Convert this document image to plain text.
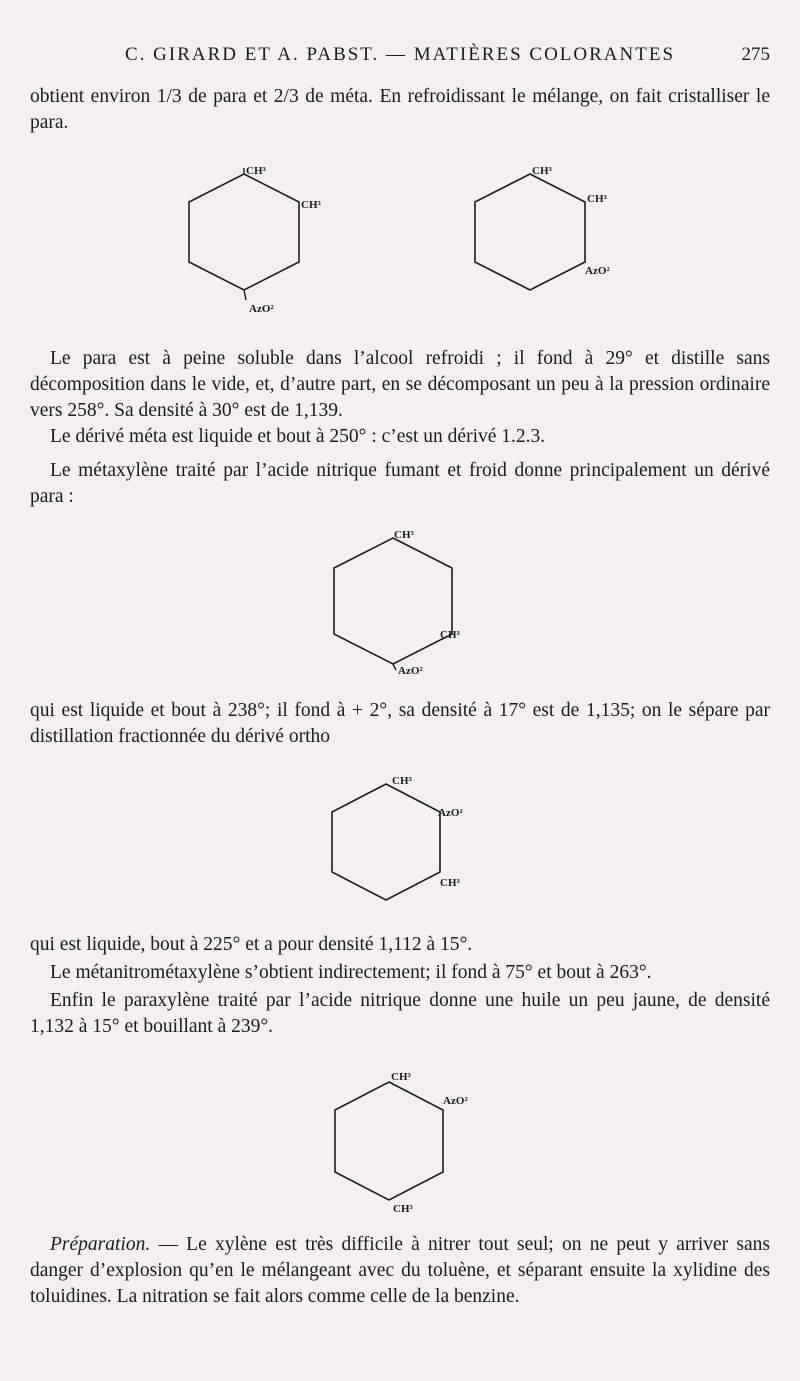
C. GIRARD ET A. PABST. — MATIÈRES COLORANTES	275

obtient environ 1/3 de para et 2/3 de méta. En refroidissant le mélange, on fait cristalliser le para.

CH³
CH³
AzO²
CH³
CH³
AzO²

Le para est à peine soluble dans l’alcool refroidi ; il fond à 29° et distille sans décomposition dans le vide, et, d’autre part, en se décomposant un peu à la pression ordinaire vers 258°. Sa densité à 30° est de 1,139.

Le dérivé méta est liquide et bout à 250° : c’est un dérivé 1.2.3.

Le métaxylène traité par l’acide nitrique fumant et froid donne principalement un dérivé para :

CH³
CH³
AzO²

qui est liquide et bout à 238°; il fond à + 2°, sa densité à 17° est de 1,135; on le sépare par distillation fractionnée du dérivé ortho

CH³
AzO²
CH³

qui est liquide, bout à 225° et a pour densité 1,112 à 15°.

Le métanitrométaxylène s’obtient indirectement; il fond à 75° et bout à 263°.

Enfin le paraxylène traité par l’acide nitrique donne une huile un peu jaune, de densité 1,132 à 15° et bouillant à 239°.

CH³
AzO²
CH³

Préparation. — Le xylène est très difficile à nitrer tout seul; on ne peut y arriver sans danger d’explosion qu’en le mélangeant avec du toluène, et séparant ensuite la xylidine des toluidines. La nitration se fait alors comme celle de la benzine.
